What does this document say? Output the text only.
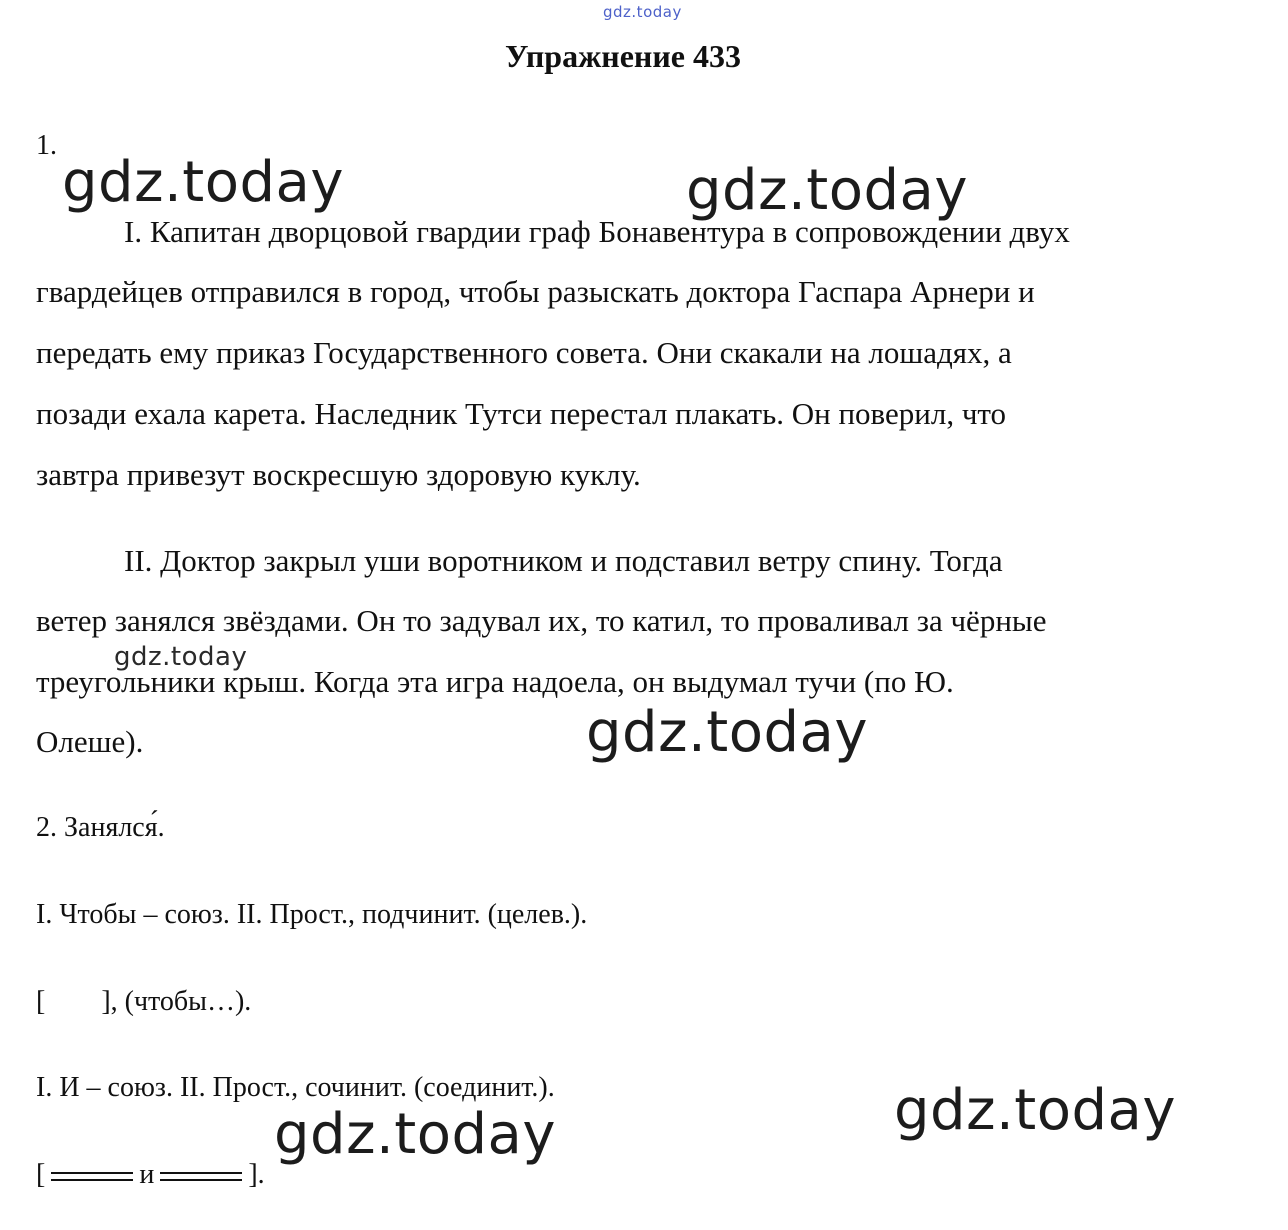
gdz.today
Упражнение 433
1.
I. Капитан дворцовой гвардии граф Бонавентура в сопровождении двух
гвардейцев отправился в город, чтобы разыскать доктора Гаспара Арнери и
передать ему приказ Государственного совета. Они скакали на лошадях, а
позади ехала карета. Наследник Тутси перестал плакать. Он поверил, что
завтра привезут воскресшую здоровую куклу.
II. Доктор закрыл уши воротником и подставил ветру спину. Тогда
ветер занялся звёздами. Он то задувал их, то катил, то проваливал за чёрные
треугольники крыш. Когда эта игра надоела, он выдумал тучи (по Ю.
Олеше).
2. Занялся́.
I. Чтобы – союз. II. Прост., подчинит. (целев.).
[ ], (чтобы…).
I. И – союз. II. Прост., сочинит. (соединит.).
[	и	].
gdz.today	gdz.today
gdz.today
gdz.today
gdz.today
gdz.today
